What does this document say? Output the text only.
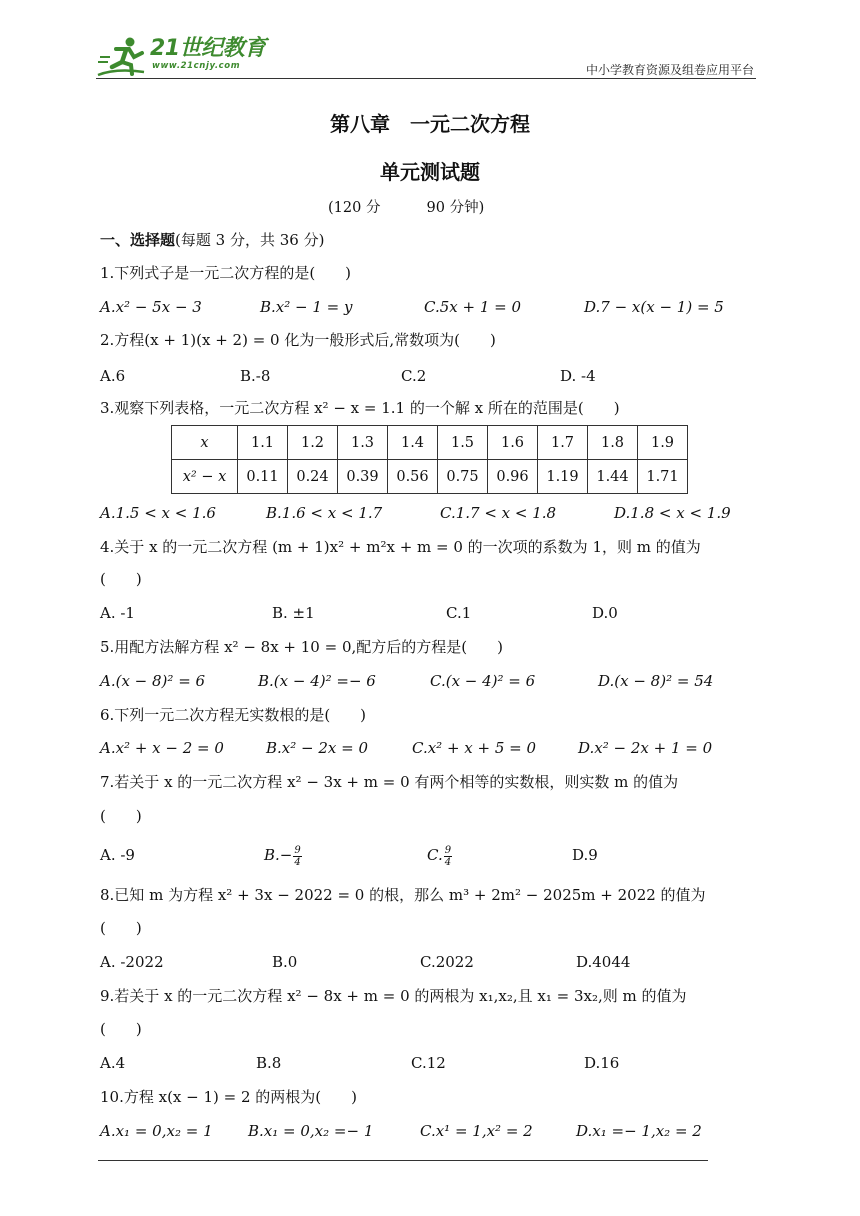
21世纪教育
www.21cnjy.com	中小学教育资源及组卷应用平台
第八章　一元二次方程
单元测试题
(120 分          90 分钟)
一、选择题(每题 3 分，共 36 分)
1.下列式子是一元二次方程的是(　　)
A.x² − 5x − 3	B.x² − 1 = y	C.5x + 1 = 0	D.7 − x(x − 1) = 5
2.方程(x + 1)(x + 2) = 0 化为一般形式后,常数项为(　　)
A.6	B.-8	C.2	D. -4
3.观察下列表格，一元二次方程 x² − x = 1.1 的一个解 x 所在的范围是(　　)
x	1.1	1.2	1.3	1.4	1.5	1.6	1.7	1.8	1.9
x² − x	0.11	0.24	0.39	0.56	0.75	0.96	1.19	1.44	1.71
A.1.5 < x < 1.6	B.1.6 < x < 1.7	C.1.7 < x < 1.8	D.1.8 < x < 1.9
4.关于 x 的一元二次方程 (m + 1)x² + m²x + m = 0 的一次项的系数为 1，则 m 的值为
(　　)
A. -1	B. ±1	C.1	D.0
5.用配方法解方程 x² − 8x + 10 = 0,配方后的方程是(　　)
A.(x − 8)² = 6	B.(x − 4)² =− 6	C.(x − 4)² = 6	D.(x − 8)² = 54
6.下列一元二次方程无实数根的是(　　)
A.x² + x − 2 = 0	B.x² − 2x = 0	C.x² + x + 5 = 0	D.x² − 2x + 1 = 0
7.若关于 x 的一元二次方程 x² − 3x + m = 0 有两个相等的实数根，则实数 m 的值为
(　　)
A. -9	$B.- \frac{9}{4}$	C. $\frac{9}{4}$	D.9
8.已知 m 为方程 x² + 3x − 2022 = 0 的根，那么 m³ + 2m² − 2025m + 2022 的值为
(　　)
A. -2022	B.0	C.2022	D.4044
9.若关于 x 的一元二次方程 x² − 8x + m = 0 的两根为 x₁,x₂,且 x₁ = 3x₂,则 m 的值为
(　　)
A.4	B.8	C.12	D.16
10.方程 x(x − 1) = 2 的两根为(　　)
A.x₁ = 0,x₂ = 1 B.x₁ = 0,x₂ =− 1	C.x¹ = 1,x² = 2	D.x₁ =− 1,x₂ = 2
